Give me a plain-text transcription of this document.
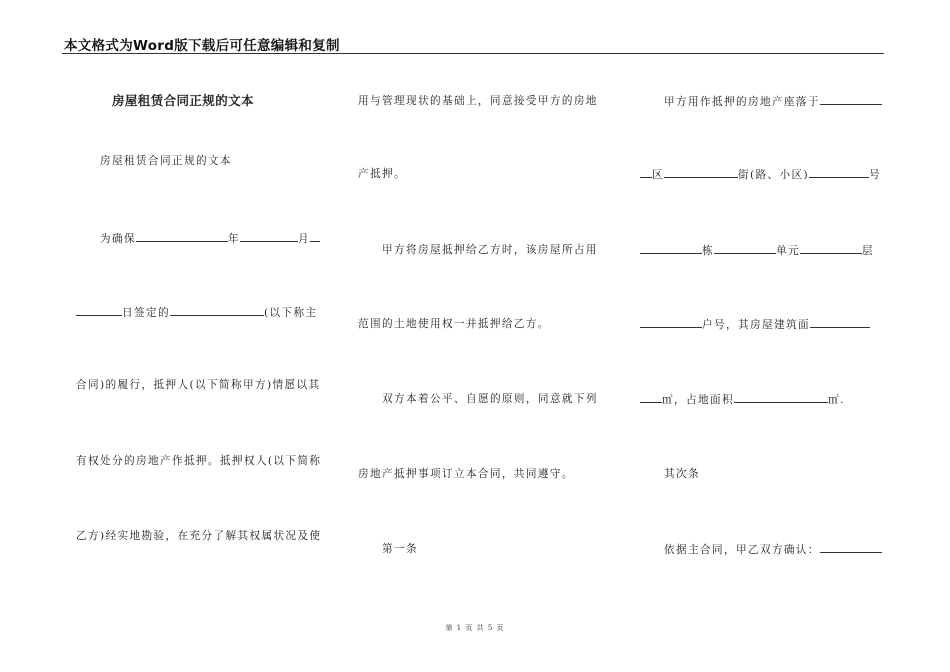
本文格式为Word版下载后可任意编辑和复制
房屋租赁合同正规的文本
房屋租赁合同正规的文本
为确保	年	月
日签定的	(以下称主
合同)的履行，抵押人(以下简称甲方)情愿以其
有权处分的房地产作抵押。抵押权人(以下简称
乙方)经实地勘验，在充分了解其权属状况及使
用与管理现状的基础上，同意接受甲方的房地
产抵押。
甲方将房屋抵押给乙方时，该房屋所占用
范围的土地使用权一并抵押给乙方。
双方本着公平、自愿的原则，同意就下列
房地产抵押事项订立本合同，共同遵守。
第一条
甲方用作抵押的房地产座落于
区	街(路、小区)	号
栋	单元	层
户号，其房屋建筑面
㎡，占地面积	㎡.
其次条
依据主合同，甲乙双方确认：
第 1 页 共 5 页
